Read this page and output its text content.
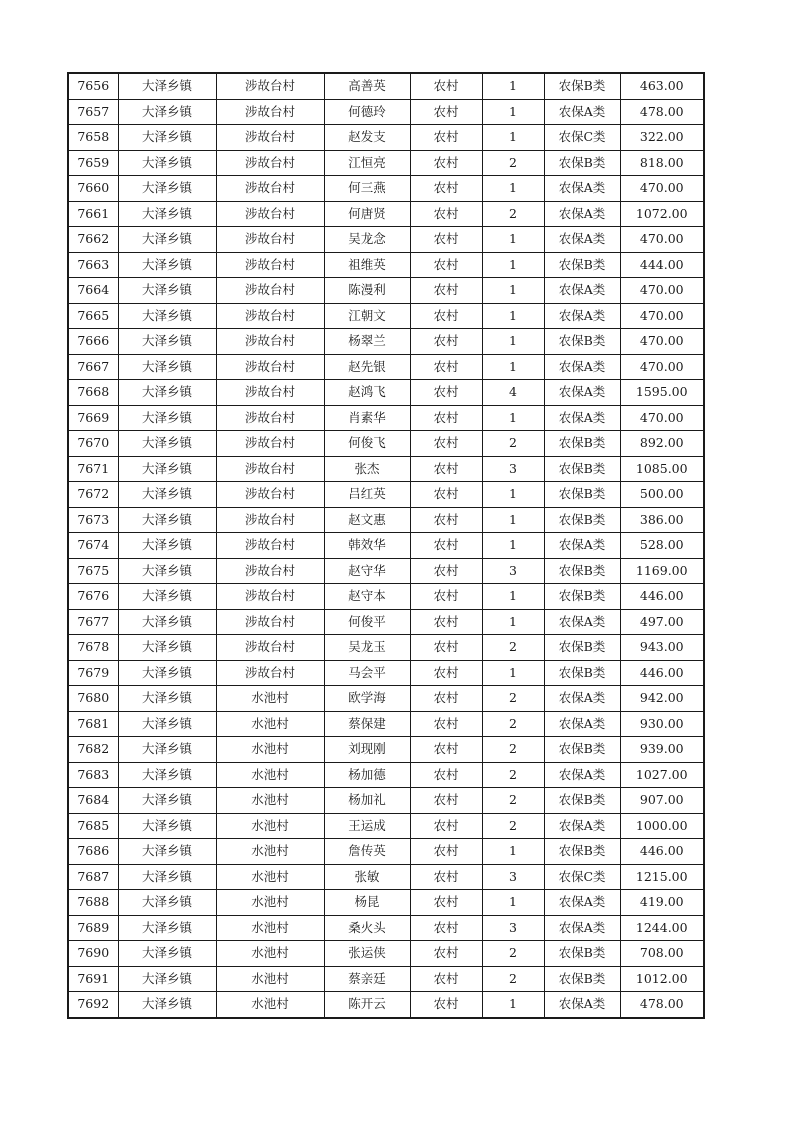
7656	大泽乡镇	涉故台村	高善英	农村	1	农保B类	463.00
7657	大泽乡镇	涉故台村	何德玲	农村	1	农保A类	478.00
7658	大泽乡镇	涉故台村	赵发支	农村	1	农保C类	322.00
7659	大泽乡镇	涉故台村	江恒亮	农村	2	农保B类	818.00
7660	大泽乡镇	涉故台村	何三燕	农村	1	农保A类	470.00
7661	大泽乡镇	涉故台村	何唐贤	农村	2	农保A类	1072.00
7662	大泽乡镇	涉故台村	吴龙念	农村	1	农保A类	470.00
7663	大泽乡镇	涉故台村	祖维英	农村	1	农保B类	444.00
7664	大泽乡镇	涉故台村	陈漫利	农村	1	农保A类	470.00
7665	大泽乡镇	涉故台村	江朝文	农村	1	农保A类	470.00
7666	大泽乡镇	涉故台村	杨翠兰	农村	1	农保B类	470.00
7667	大泽乡镇	涉故台村	赵先银	农村	1	农保A类	470.00
7668	大泽乡镇	涉故台村	赵鸿飞	农村	4	农保A类	1595.00
7669	大泽乡镇	涉故台村	肖素华	农村	1	农保A类	470.00
7670	大泽乡镇	涉故台村	何俊飞	农村	2	农保B类	892.00
7671	大泽乡镇	涉故台村	张杰	农村	3	农保B类	1085.00
7672	大泽乡镇	涉故台村	吕红英	农村	1	农保B类	500.00
7673	大泽乡镇	涉故台村	赵文惠	农村	1	农保B类	386.00
7674	大泽乡镇	涉故台村	韩效华	农村	1	农保A类	528.00
7675	大泽乡镇	涉故台村	赵守华	农村	3	农保B类	1169.00
7676	大泽乡镇	涉故台村	赵守本	农村	1	农保B类	446.00
7677	大泽乡镇	涉故台村	何俊平	农村	1	农保A类	497.00
7678	大泽乡镇	涉故台村	吴龙玉	农村	2	农保B类	943.00
7679	大泽乡镇	涉故台村	马会平	农村	1	农保B类	446.00
7680	大泽乡镇	水池村	欧学海	农村	2	农保A类	942.00
7681	大泽乡镇	水池村	蔡保建	农村	2	农保A类	930.00
7682	大泽乡镇	水池村	刘现刚	农村	2	农保B类	939.00
7683	大泽乡镇	水池村	杨加德	农村	2	农保A类	1027.00
7684	大泽乡镇	水池村	杨加礼	农村	2	农保B类	907.00
7685	大泽乡镇	水池村	王运成	农村	2	农保A类	1000.00
7686	大泽乡镇	水池村	詹传英	农村	1	农保B类	446.00
7687	大泽乡镇	水池村	张敏	农村	3	农保C类	1215.00
7688	大泽乡镇	水池村	杨昆	农村	1	农保A类	419.00
7689	大泽乡镇	水池村	桑火头	农村	3	农保A类	1244.00
7690	大泽乡镇	水池村	张运侠	农村	2	农保B类	708.00
7691	大泽乡镇	水池村	蔡亲廷	农村	2	农保B类	1012.00
7692	大泽乡镇	水池村	陈开云	农村	1	农保A类	478.00
